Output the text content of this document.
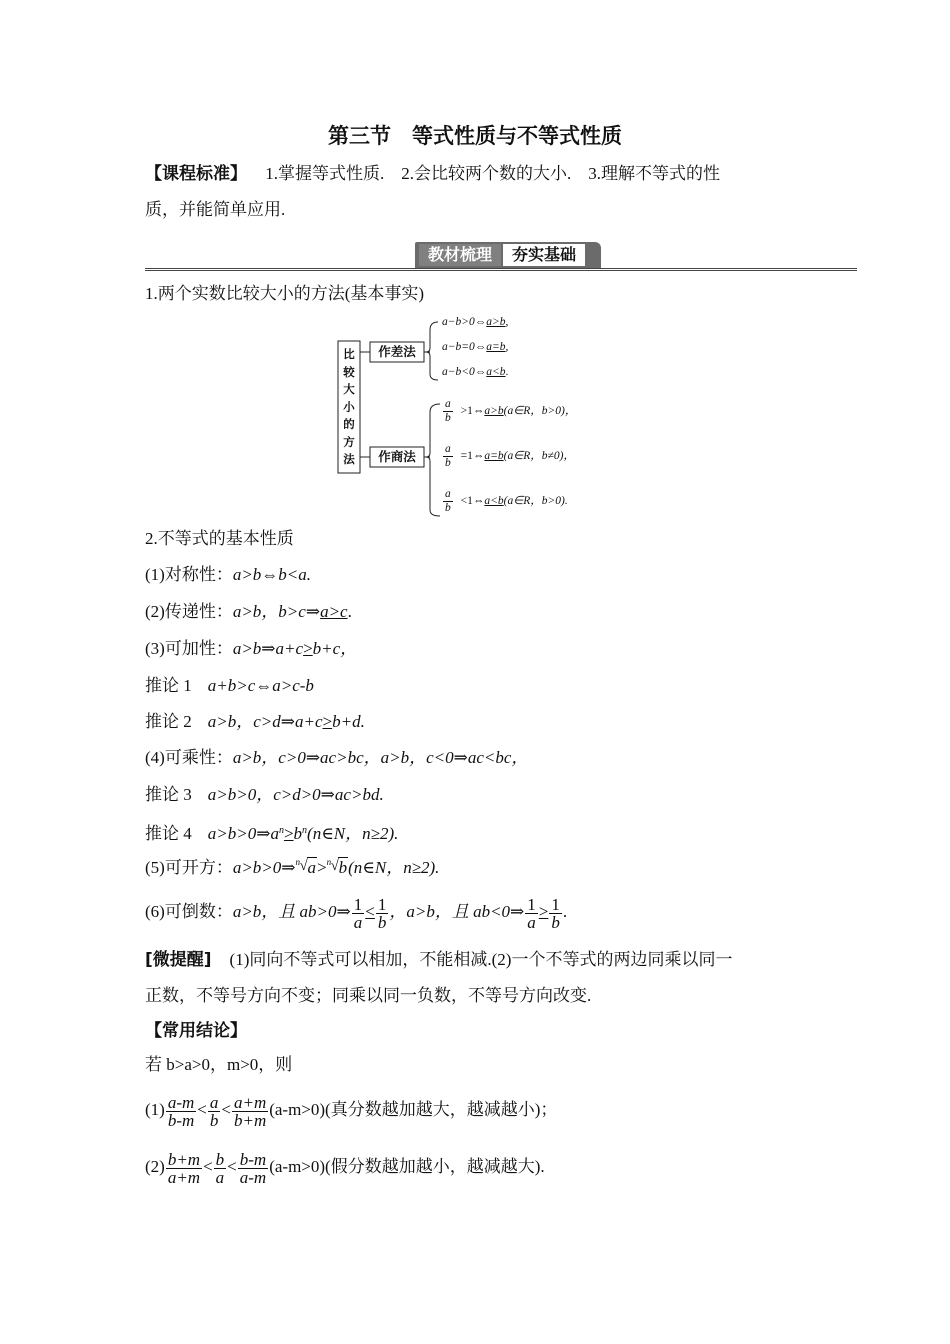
第三节　等式性质与不等式性质
【课程标准】 1.掌握等式性质.　2.会比较两个数的大小.　3.理解不等式的性
质，并能简单应用.
教材梳理	夯实基础
1.两个实数比较大小的方法(基本事实)
比
较
大
小
的
方
法
作差法
作商法
a−b>0⇔a>b,
a−b=0⇔a=b,
a−b<0⇔a<b.
$\frac{a}{b}$ >1⇔a>b(a∈R，b>0)，
$\frac{a}{b}$ =1⇔a=b(a∈R，b≠0)，
$\frac{a}{b}$ <1⇔a<b(a∈R，b>0).
2.不等式的基本性质
(1)对称性：a>b⇔b<a.
(2)传递性：a>b，b>c⇒a>c.
(3)可加性：a>b⇒a+c>b+c，
推论 1 a+b>c⇔a>c-b
推论 2 a>b，c>d⇒a+c>b+d.
(4)可乘性：a>b，c>0⇒ac>bc，a>b，c<0⇒ac<bc，
推论 3 a>b>0，c>d>0⇒ac>bd.
推论 4 $a>b>0\Rightarrow a^n>b^n(n\in N$，n≥2).
(5)可开方：a>b>0⇒ n √ a> n √ b(n∈N，n≥2).
(6)可倒数：a>b，且 ab>0⇒ $\frac{1}{a} < \frac{1}{b}$ ，a>b，且 ab<0⇒ $\frac{1}{a} > \frac{1}{b}$ .
[微提醒] (1)同向不等式可以相加，不能相减.(2)一个不等式的两边同乘以同一
正数，不等号方向不变；同乘以同一负数，不等号方向改变.
【常用结论】
若 b>a>0，m>0，则
$(1) \frac{a-m}{b-m} < \frac{a}{b} < \frac{a+m}{b+m} (a-m>0)$(真分数越加越大，越减越小)；
$(2) \frac{b+m}{a+m} < \frac{b}{a} < \frac{b-m}{a-m} (a-m>0)$(假分数越加越小，越减越大).
